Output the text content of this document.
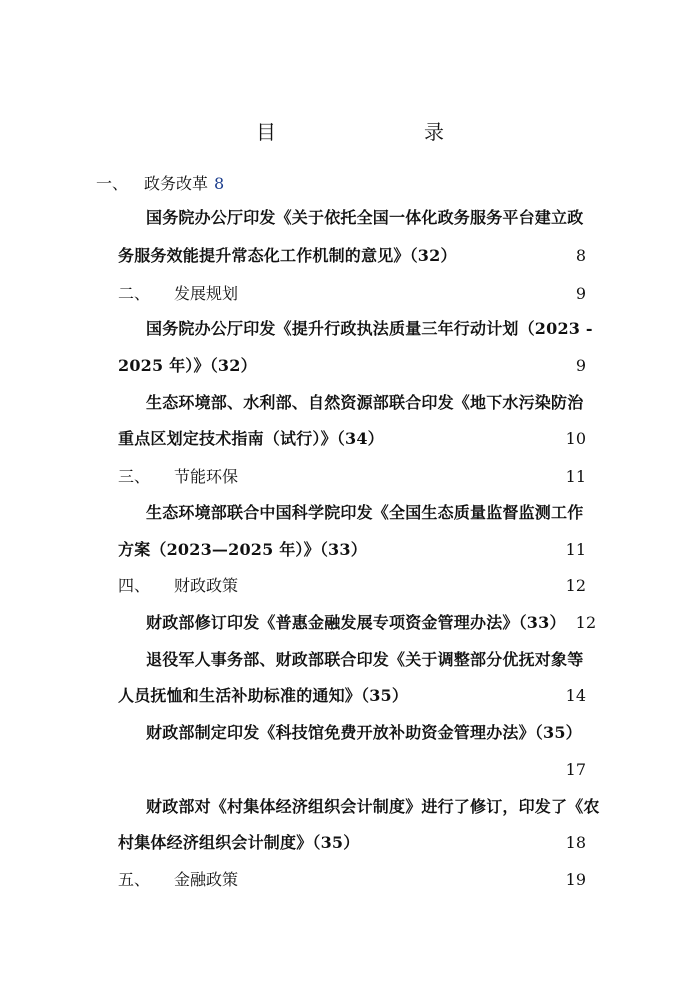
目　　录
一、 政务改革 8
国务院办公厅印发《关于依托全国一体化政务服务平台建立政
务服务效能提升常态化工作机制的意见》（32）	8
二、 发展规划	9
国务院办公厅印发《提升行政执法质量三年行动计划（2023 -
2025 年）》（32）	9
生态环境部、水利部、自然资源部联合印发《地下水污染防治
重点区划定技术指南（试行）》（34）	10
三、 节能环保	11
生态环境部联合中国科学院印发《全国生态质量监督监测工作
方案（2023—2025 年）》（33）	11
四、 财政政策	12
财政部修订印发《普惠金融发展专项资金管理办法》（33） 12
退役军人事务部、财政部联合印发《关于调整部分优抚对象等
人员抚恤和生活补助标准的通知》（35）	14
财政部制定印发《科技馆免费开放补助资金管理办法》（35）
17
财政部对《村集体经济组织会计制度》进行了修订，印发了《农
村集体经济组织会计制度》（35）	18
五、 金融政策	19
